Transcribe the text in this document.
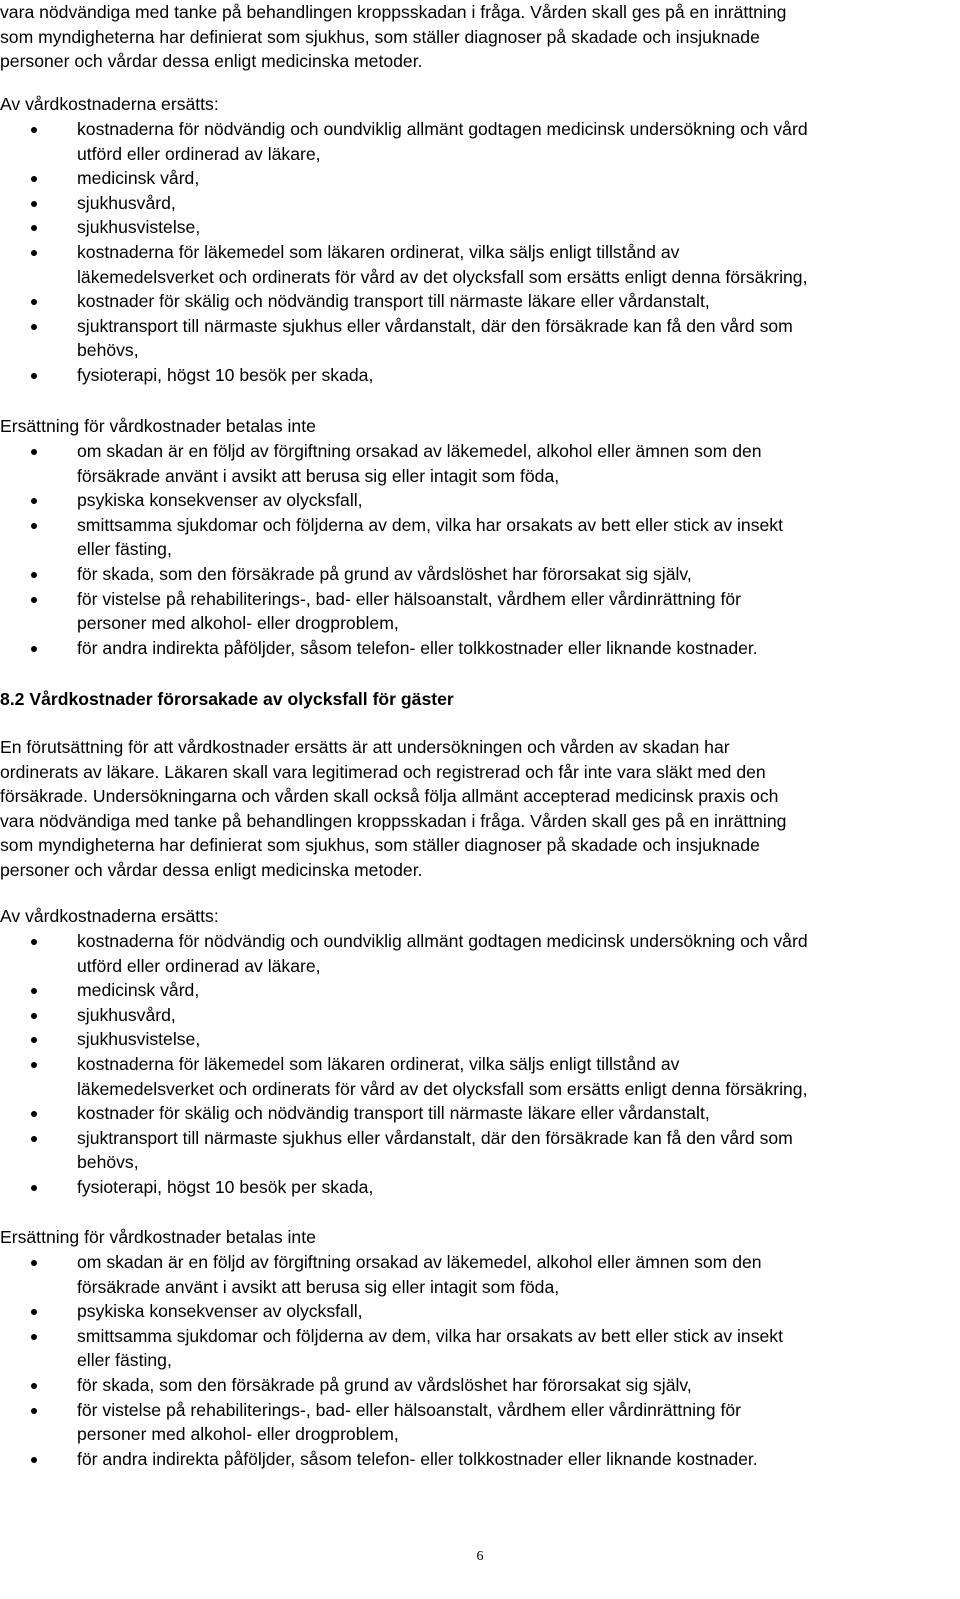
vara nödvändiga med tanke på behandlingen kroppsskadan i fråga. Vården skall ges på en inrättning
som myndigheterna har definierat som sjukhus, som ställer diagnoser på skadade och insjuknade
personer och vårdar dessa enligt medicinska metoder.

Av vårdkostnaderna ersätts:

kostnaderna för nödvändig och oundviklig allmänt godtagen medicinsk undersökning och vård
utförd eller ordinerad av läkare,
medicinsk vård,
sjukhusvård,
sjukhusvistelse,
kostnaderna för läkemedel som läkaren ordinerat, vilka säljs enligt tillstånd av
läkemedelsverket och ordinerats för vård av det olycksfall som ersätts enligt denna försäkring,
kostnader för skälig och nödvändig transport till närmaste läkare eller vårdanstalt,
sjuktransport till närmaste sjukhus eller vårdanstalt, där den försäkrade kan få den vård som
behövs,
fysioterapi, högst 10 besök per skada,

Ersättning för vårdkostnader betalas inte

om skadan är en följd av förgiftning orsakad av läkemedel, alkohol eller ämnen som den
försäkrade använt i avsikt att berusa sig eller intagit som föda,
psykiska konsekvenser av olycksfall,
smittsamma sjukdomar och följderna av dem, vilka har orsakats av bett eller stick av insekt
eller fästing,
för skada, som den försäkrade på grund av vårdslöshet har förorsakat sig själv,
för vistelse på rehabiliterings-, bad- eller hälsoanstalt, vårdhem eller vårdinrättning för
personer med alkohol- eller drogproblem,
för andra indirekta påföljder, såsom telefon- eller tolkkostnader eller liknande kostnader.
8.2 Vårdkostnader förorsakade av olycksfall för gäster

En förutsättning för att vårdkostnader ersätts är att undersökningen och vården av skadan har
ordinerats av läkare. Läkaren skall vara legitimerad och registrerad och får inte vara släkt med den
försäkrade. Undersökningarna och vården skall också följa allmänt accepterad medicinsk praxis och
vara nödvändiga med tanke på behandlingen kroppsskadan i fråga. Vården skall ges på en inrättning
som myndigheterna har definierat som sjukhus, som ställer diagnoser på skadade och insjuknade
personer och vårdar dessa enligt medicinska metoder.

Av vårdkostnaderna ersätts:

kostnaderna för nödvändig och oundviklig allmänt godtagen medicinsk undersökning och vård
utförd eller ordinerad av läkare,
medicinsk vård,
sjukhusvård,
sjukhusvistelse,
kostnaderna för läkemedel som läkaren ordinerat, vilka säljs enligt tillstånd av
läkemedelsverket och ordinerats för vård av det olycksfall som ersätts enligt denna försäkring,
kostnader för skälig och nödvändig transport till närmaste läkare eller vårdanstalt,
sjuktransport till närmaste sjukhus eller vårdanstalt, där den försäkrade kan få den vård som
behövs,
fysioterapi, högst 10 besök per skada,

Ersättning för vårdkostnader betalas inte

om skadan är en följd av förgiftning orsakad av läkemedel, alkohol eller ämnen som den
försäkrade använt i avsikt att berusa sig eller intagit som föda,
psykiska konsekvenser av olycksfall,
smittsamma sjukdomar och följderna av dem, vilka har orsakats av bett eller stick av insekt
eller fästing,
för skada, som den försäkrade på grund av vårdslöshet har förorsakat sig själv,
för vistelse på rehabiliterings-, bad- eller hälsoanstalt, vårdhem eller vårdinrättning för
personer med alkohol- eller drogproblem,
för andra indirekta påföljder, såsom telefon- eller tolkkostnader eller liknande kostnader.
6
